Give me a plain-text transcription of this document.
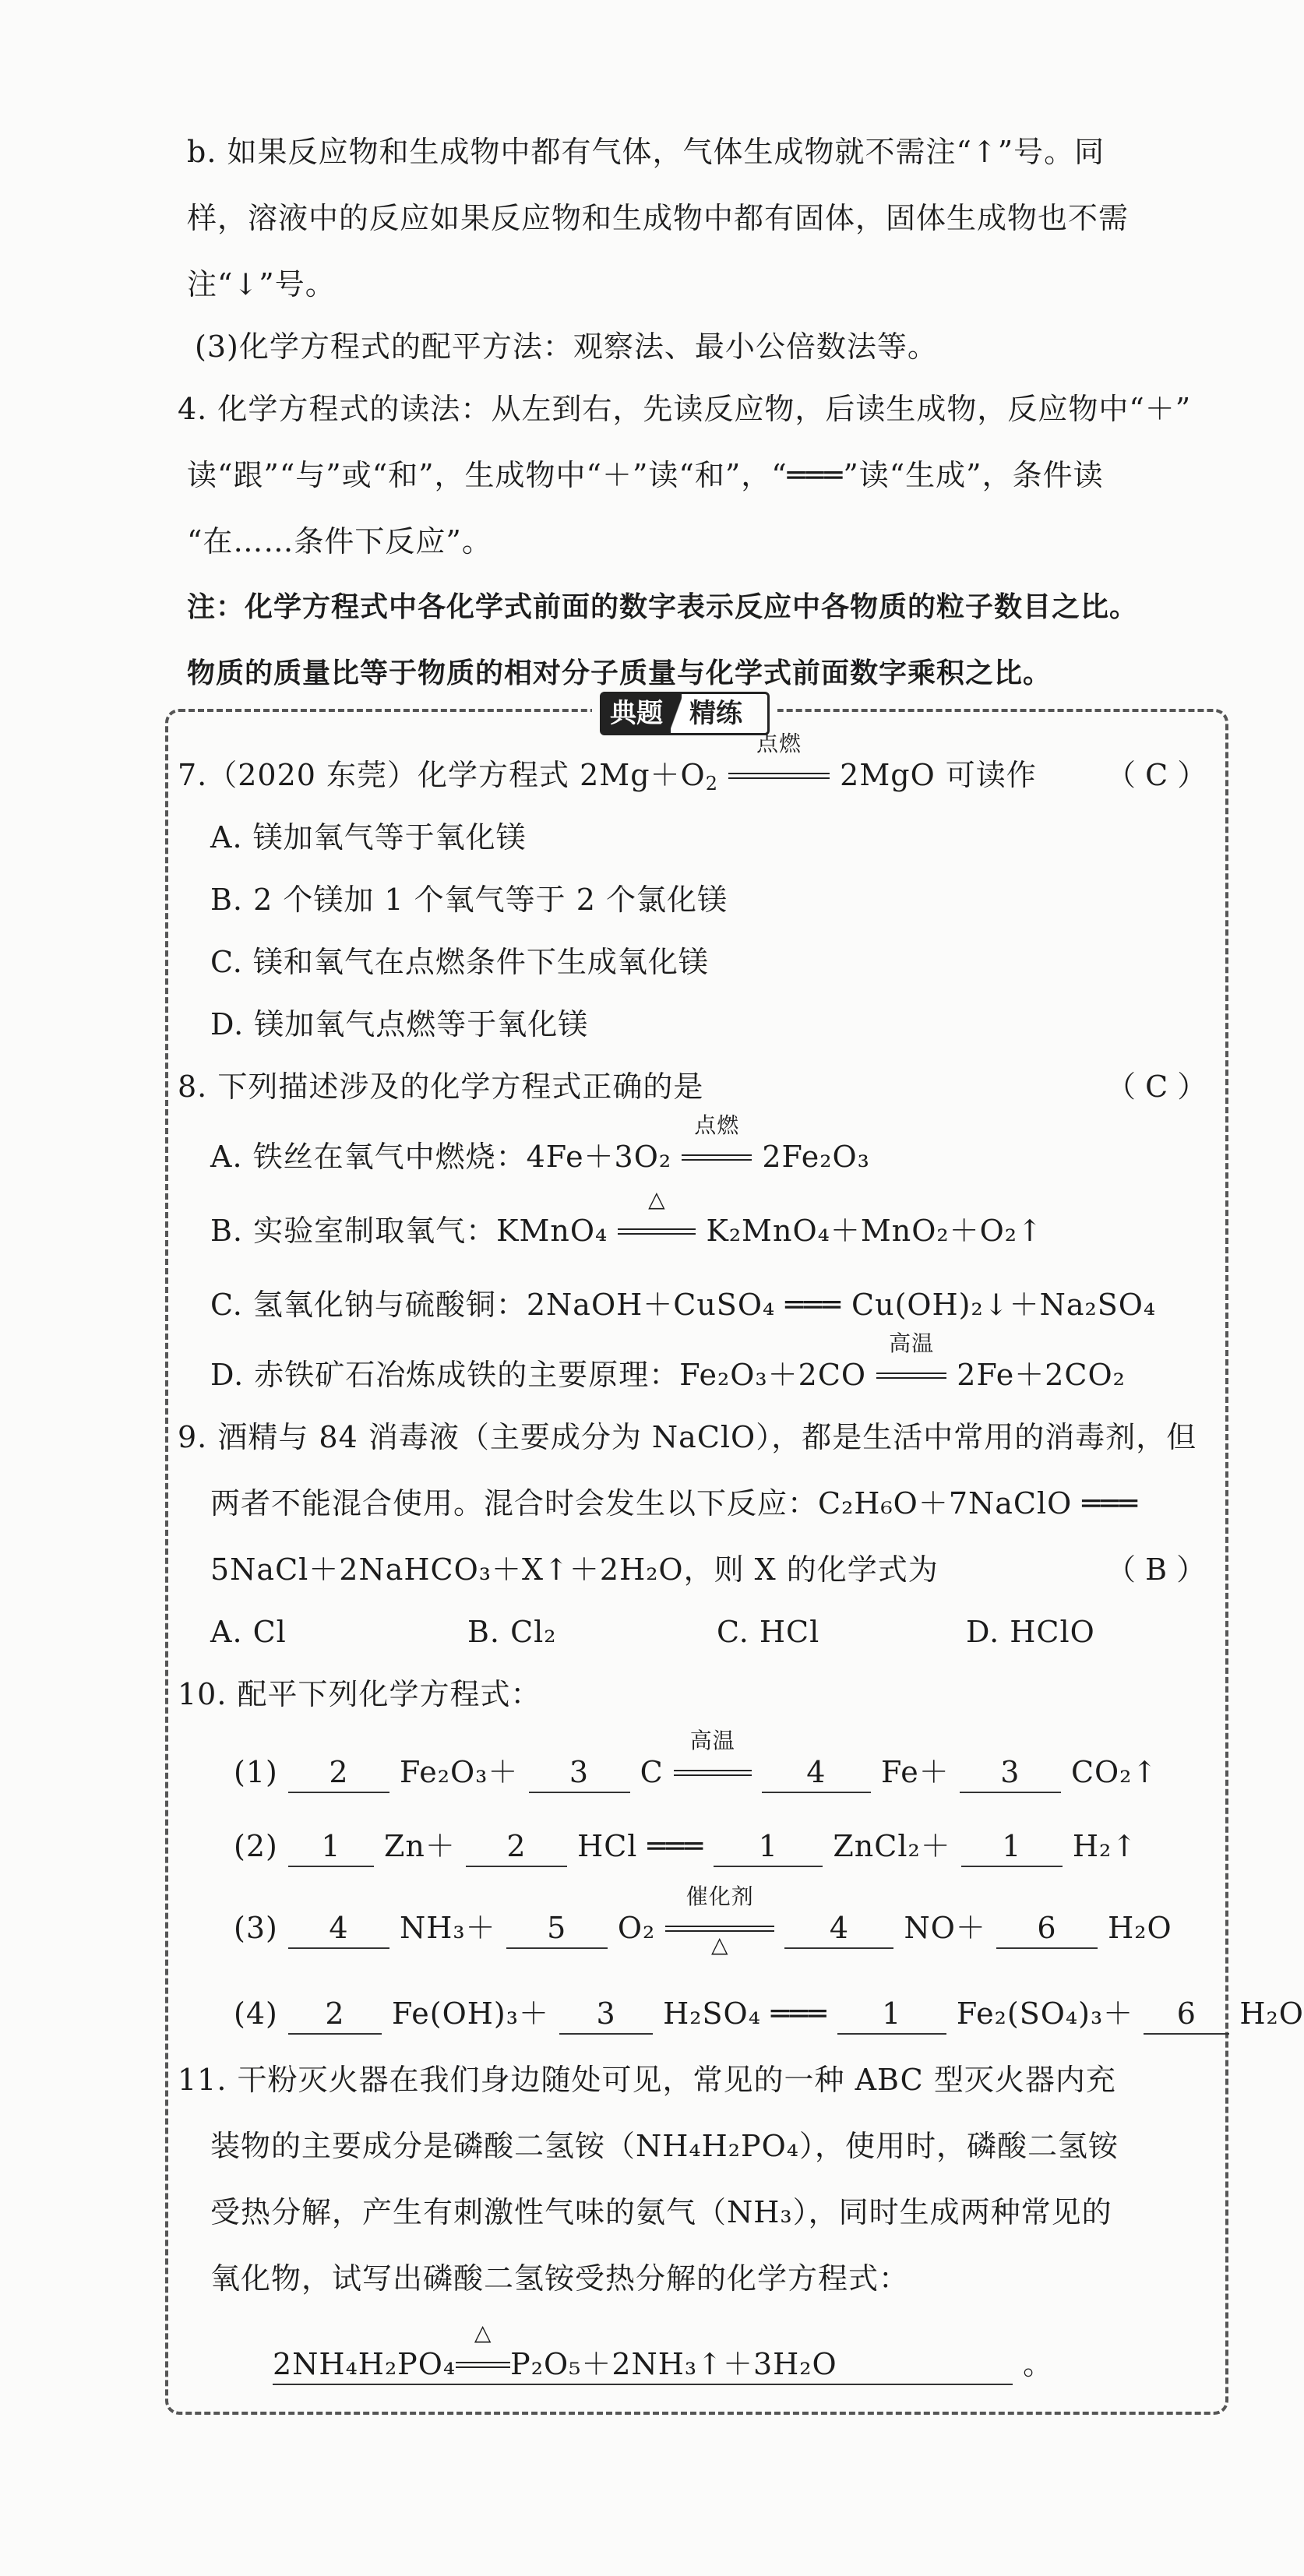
b. 如果反应物和生成物中都有气体，气体生成物就不需注“↑”号。同
样，溶液中的反应如果反应物和生成物中都有固体，固体生成物也不需
注“↓”号。
(3)化学方程式的配平方法：观察法、最小公倍数法等。
4. 化学方程式的读法：从左到右，先读反应物，后读生成物，反应物中“＋”
读“跟”“与”或“和”，生成物中“＋”读“和”，“═══”读“生成”，条件读
“在……条件下反应”。
注：化学方程式中各化学式前面的数字表示反应中各物质的粒子数目之比。
物质的质量比等于物质的相对分子质量与化学式前面数字乘积之比。
典题 精练
7.（2020 东莞）化学方程式 $2Mg+O_2$
点燃
2MgO 可读作 （ C ）
A. 镁加氧气等于氧化镁
B. 2 个镁加 1 个氧气等于 2 个氯化镁
C. 镁和氧气在点燃条件下生成氧化镁
D. 镁加氧气点燃等于氧化镁
8. 下列描述涉及的化学方程式正确的是	（ C ）
A. 铁丝在氧气中燃烧：4Fe＋3O₂
点燃
2Fe₂O₃
B. 实验室制取氧气：KMnO₄
△
K₂MnO₄＋MnO₂＋O₂↑
C. 氢氧化钠与硫酸铜：2NaOH＋CuSO₄ ═══ Cu(OH)₂↓＋Na₂SO₄
D. 赤铁矿石冶炼成铁的主要原理：Fe₂O₃＋2CO
高温
2Fe＋2CO₂
9. 酒精与 84 消毒液（主要成分为 NaClO），都是生活中常用的消毒剂，但
两者不能混合使用。混合时会发生以下反应：C₂H₆O＋7NaClO ═══
5NaCl＋2NaHCO₃＋X↑＋2H₂O，则 X 的化学式为	（ B ）
A. Cl	B. Cl₂	C. HCl	D. HClO
10. 配平下列化学方程式：
(1) 2 Fe₂O₃＋ 3 C
高温
4 Fe＋ 3 CO₂↑
(2) 1 Zn＋ 2 HCl ═══ 1 ZnCl₂＋ 1 H₂↑
(3) 4 NH₃＋ 5 O₂
催化剂

△	4 NO＋ 6 H₂O
(4) 2 Fe(OH)₃＋ 3 H₂SO₄ ═══ 1 Fe₂(SO₄)₃＋ 6 H₂O
11. 干粉灭火器在我们身边随处可见，常见的一种 ABC 型灭火器内充
装物的主要成分是磷酸二氢铵（NH₄H₂PO₄），使用时，磷酸二氢铵
受热分解，产生有刺激性气味的氨气（NH₃），同时生成两种常见的
氧化物，试写出磷酸二氢铵受热分解的化学方程式：
2NH₄H₂PO₄
△
P₂O₅＋2NH₃↑＋3H₂O	。
